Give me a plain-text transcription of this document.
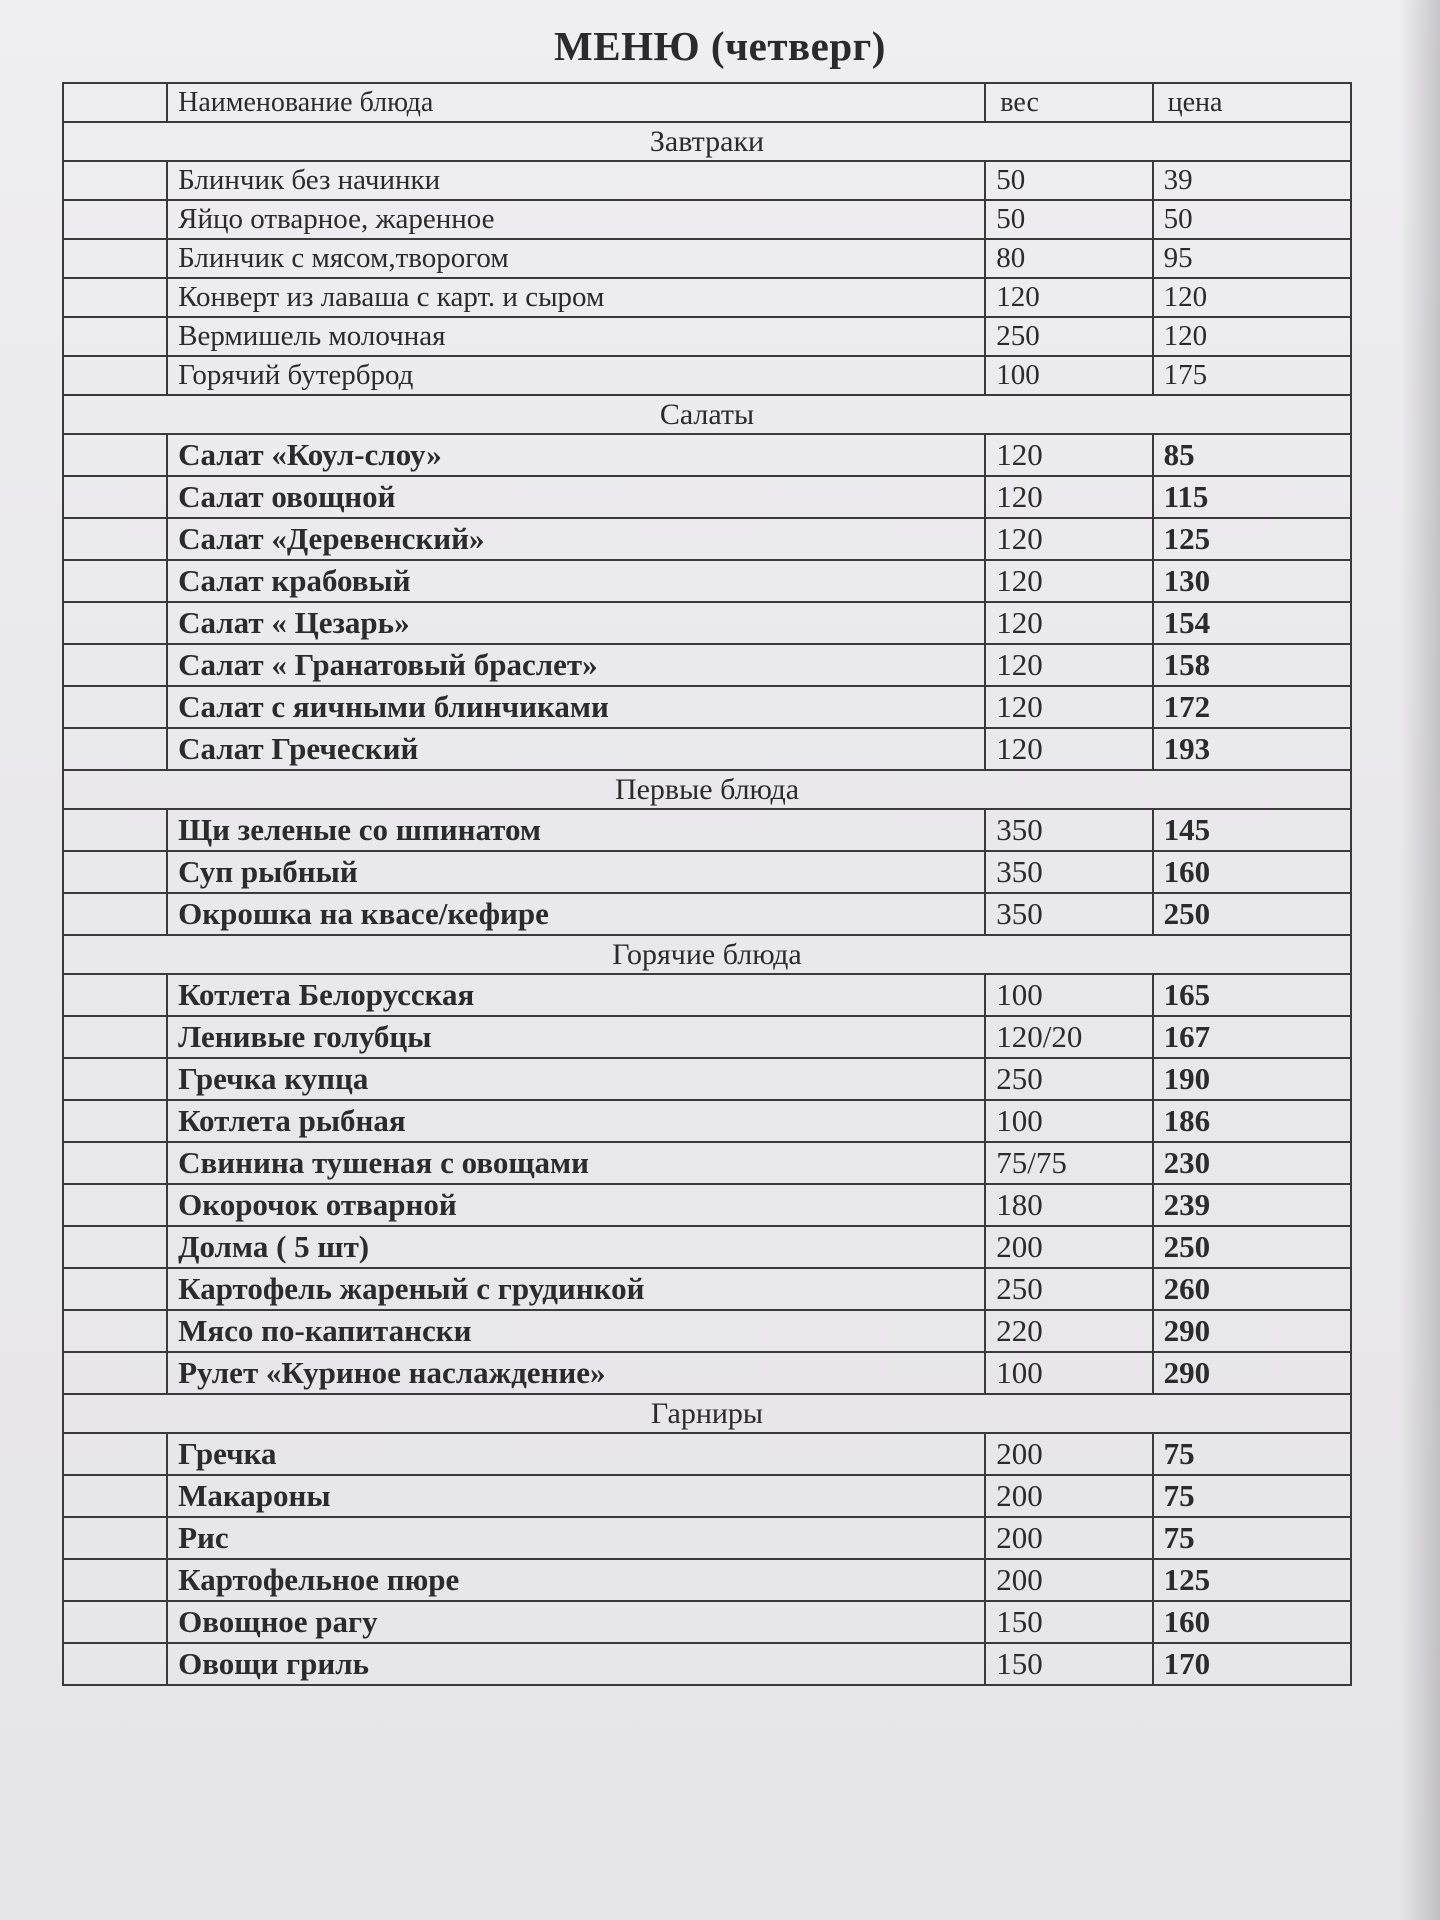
МЕНЮ (четверг)
	Наименование блюда	вес	цена
Завтраки			
	Блинчик без начинки	50	39
	Яйцо отварное, жаренное	50	50
	Блинчик с мясом,творогом	80	95
	Конверт из лаваша с карт. и сыром	120	120
	Вермишель молочная	250	120
	Горячий бутерброд	100	175
Салаты			
	Салат «Коул-слоу»	120	85
	Салат овощной	120	115
	Салат «Деревенский»	120	125
	Салат крабовый	120	130
	Салат « Цезарь»	120	154
	Салат « Гранатовый браслет»	120	158
	Салат с яичными блинчиками	120	172
	Салат Греческий	120	193
Первые блюда			
	Щи зеленые со шпинатом	350	145
	Суп рыбный	350	160
	Окрошка на квасе/кефире	350	250
Горячие блюда			
	Котлета Белорусская	100	165
	Ленивые голубцы	120/20	167
	Гречка купца	250	190
	Котлета рыбная	100	186
	Свинина тушеная с овощами	75/75	230
	Окорочок отварной	180	239
	Долма ( 5 шт)	200	250
	Картофель жареный с грудинкой	250	260
	Мясо по-капитански	220	290
	Рулет «Куриное наслаждение»	100	290
Гарниры			
	Гречка	200	75
	Макароны	200	75
	Рис	200	75
	Картофельное пюре	200	125
	Овощное рагу	150	160
	Овощи гриль	150	170
